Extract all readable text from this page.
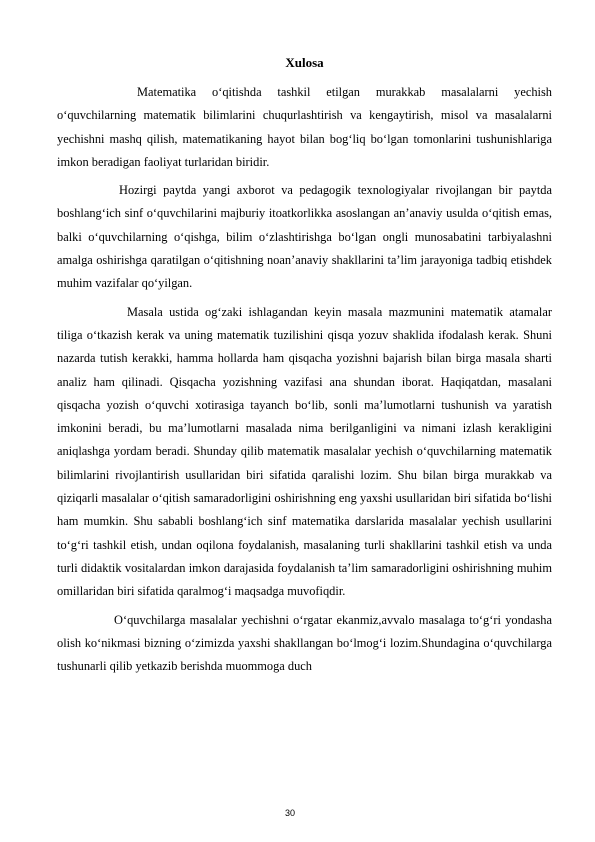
Xulosa

Matematika o‘qitishda tashkil etilgan murakkab masalalarni yechish o‘quvchilarning matematik bilimlarini chuqurlashtirish va kengaytirish, misol va masalalarni yechishni mashq qilish, matematikaning hayot bilan bog‘liq bo‘lgan tomonlarini tushunishlariga imkon beradigan faoliyat turlaridan biridir.

Hozirgi paytda yangi axborot va pedagogik texnologiyalar rivojlangan bir paytda boshlang‘ich sinf o‘quvchilarini majburiy itoatkorlikka asoslangan an’anaviy usulda o‘qitish emas, balki o‘quvchilarning o‘qishga, bilim o‘zlashtirishga bo‘lgan ongli munosabatini tarbiyalashni amalga oshirishga qaratilgan o‘qitishning noan’anaviy shakllarini ta’lim jarayoniga tadbiq etishdek muhim vazifalar qo‘yilgan.

Masala ustida og‘zaki ishlagandan keyin masala mazmunini matematik atamalar tiliga o‘tkazish kerak va uning matematik tuzilishini qisqa yozuv shaklida ifodalash kerak. Shuni nazarda tutish kerakki, hamma hollarda ham qisqacha yozishni bajarish bilan birga masala sharti analiz ham qilinadi. Qisqacha yozishning vazifasi ana shundan iborat. Haqiqatdan, masalani qisqacha yozish o‘quvchi xotirasiga tayanch bo‘lib, sonli ma’lumotlarni tushunish va yaratish imkonini beradi, bu ma’lumotlarni masalada nima berilganligini va nimani izlash kerakligini aniqlashga yordam beradi. Shunday qilib matematik masalalar yechish o‘quvchilarning matematik bilimlarini rivojlantirish usullaridan biri sifatida qaralishi lozim. Shu bilan birga murakkab va qiziqarli masalalar o‘qitish samaradorligini oshirishning eng yaxshi usullaridan biri sifatida bo‘lishi ham mumkin. Shu sababli boshlang‘ich sinf matematika darslarida masalalar yechish usullarini to‘g‘ri tashkil etish, undan oqilona foydalanish, masalaning turli shakllarini tashkil etish va unda turli didaktik vositalardan imkon darajasida foydalanish ta’lim samaradorligini oshirishning muhim omillaridan biri sifatida qaralmog‘i maqsadga muvofiqdir.

O‘quvchilarga masalalar yechishni o‘rgatar ekanmiz,avvalo masalaga to‘g‘ri yondasha olish ko‘nikmasi bizning o‘zimizda yaxshi shakllangan bo‘lmog‘i lozim.Shundagina o‘quvchilarga tushunarli qilib yetkazib berishda muommoga duch

30
